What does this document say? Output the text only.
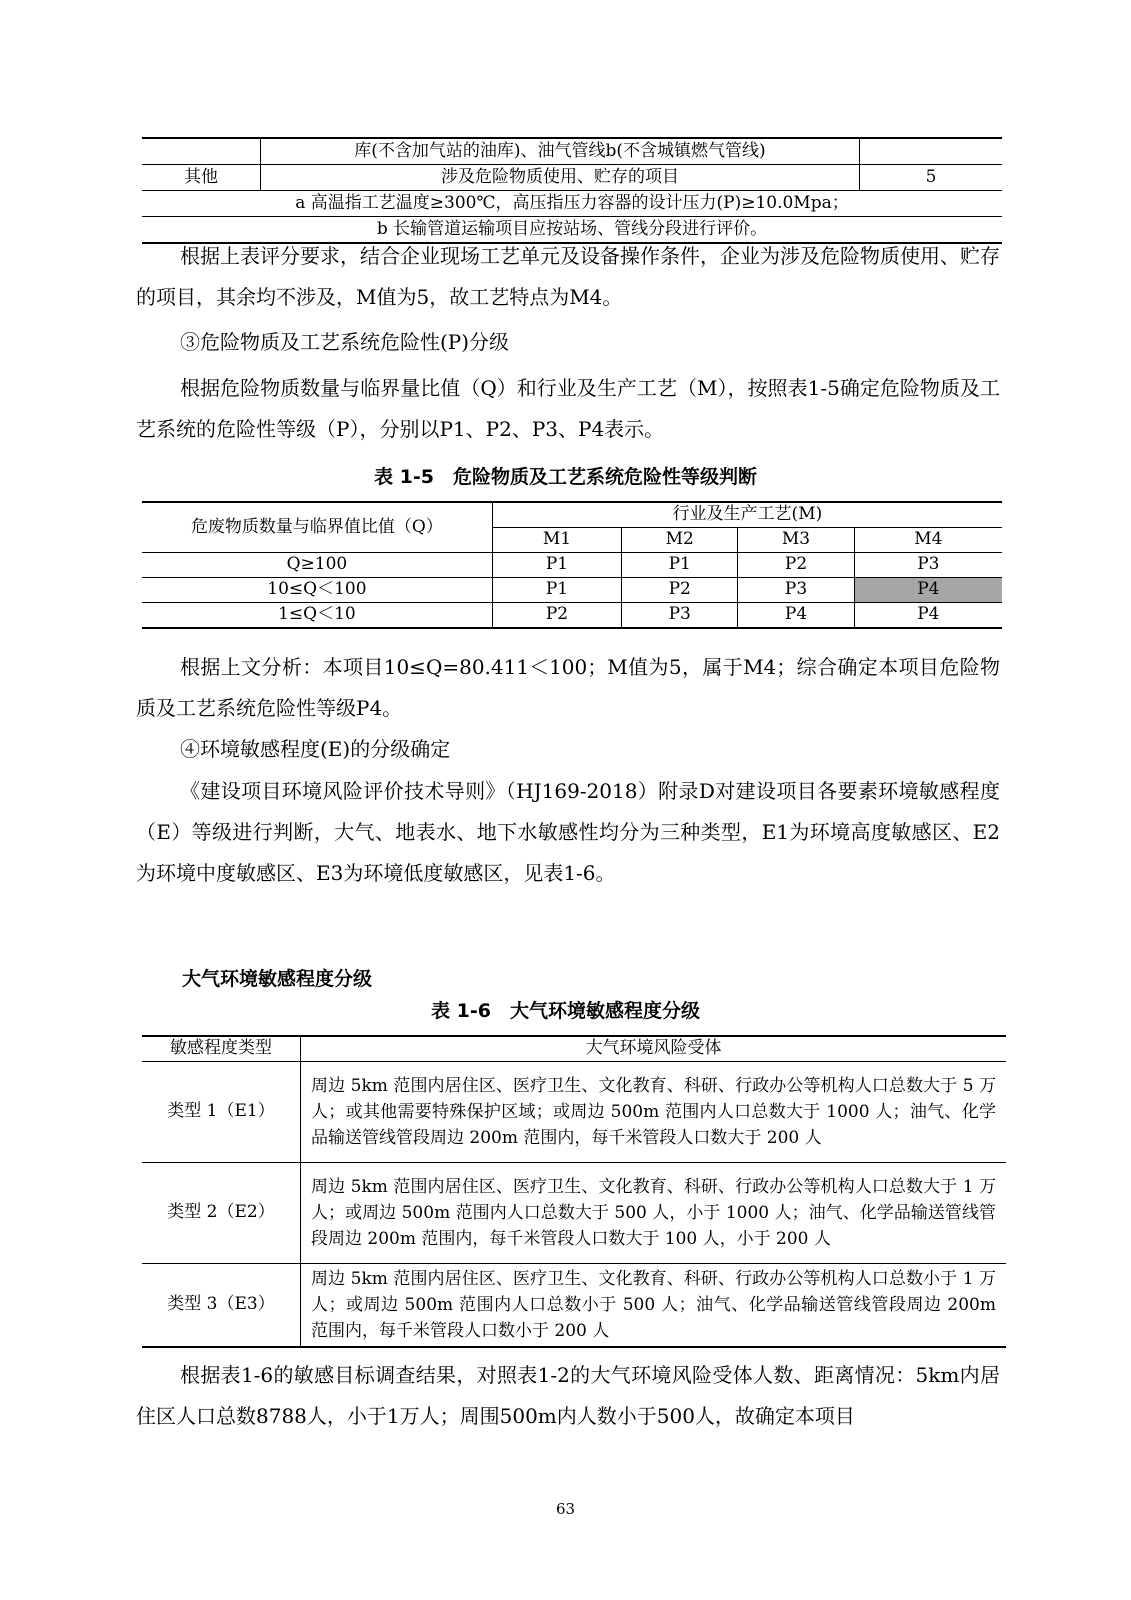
	库(不含加气站的油库)、油气管线b(不含城镇燃气管线)	
其他	涉及危险物质使用、贮存的项目	5
a 高温指工艺温度≥300℃，高压指压力容器的设计压力(P)≥10.0Mpa；		
b 长输管道运输项目应按站场、管线分段进行评价。		
根据上表评分要求，结合企业现场工艺单元及设备操作条件，企业为涉及危险物质使用、贮存的项目，其余均不涉及，M值为5，故工艺特点为M4。
③危险物质及工艺系统危险性(P)分级
根据危险物质数量与临界量比值（Q）和行业及生产工艺（M），按照表1-5确定危险物质及工艺系统的危险性等级（P），分别以P1、P2、P3、P4表示。
表 1-5　危险物质及工艺系统危险性等级判断
危废物质数量与临界值比值（Q）	行业及生产工艺(M)			
	M1	M2	M3	M4
Q≥100	P1	P1	P2	P3
10≤Q＜100	P1	P2	P3	P4
1≤Q＜10	P2	P3	P4	P4
根据上文分析：本项目10≤Q=80.411＜100；M值为5，属于M4；综合确定本项目危险物质及工艺系统危险性等级P4。
④环境敏感程度(E)的分级确定
《建设项目环境风险评价技术导则》（HJ169-2018）附录D对建设项目各要素环境敏感程度（E）等级进行判断，大气、地表水、地下水敏感性均分为三种类型，E1为环境高度敏感区、E2为环境中度敏感区、E3为环境低度敏感区，见表1-6。
大气环境敏感程度分级
表 1-6　大气环境敏感程度分级
敏感程度类型	大气环境风险受体
类型 1（E1）	周边 5km 范围内居住区、医疗卫生、文化教育、科研、行政办公等机构人口总数大于 5 万人；或其他需要特殊保护区域；或周边 500m 范围内人口总数大于 1000 人；油气、化学品输送管线管段周边 200m 范围内，每千米管段人口数大于 200 人
类型 2（E2）	周边 5km 范围内居住区、医疗卫生、文化教育、科研、行政办公等机构人口总数大于 1 万人；或周边 500m 范围内人口总数大于 500 人，小于 1000 人；油气、化学品输送管线管段周边 200m 范围内，每千米管段人口数大于 100 人，小于 200 人
类型 3（E3）	周边 5km 范围内居住区、医疗卫生、文化教育、科研、行政办公等机构人口总数小于 1 万人；或周边 500m 范围内人口总数小于 500 人；油气、化学品输送管线管段周边 200m 范围内，每千米管段人口数小于 200 人
根据表1-6的敏感目标调查结果，对照表1-2的大气环境风险受体人数、距离情况：5km内居住区人口总数8788人，小于1万人；周围500m内人数小于500人，故确定本项目
63
